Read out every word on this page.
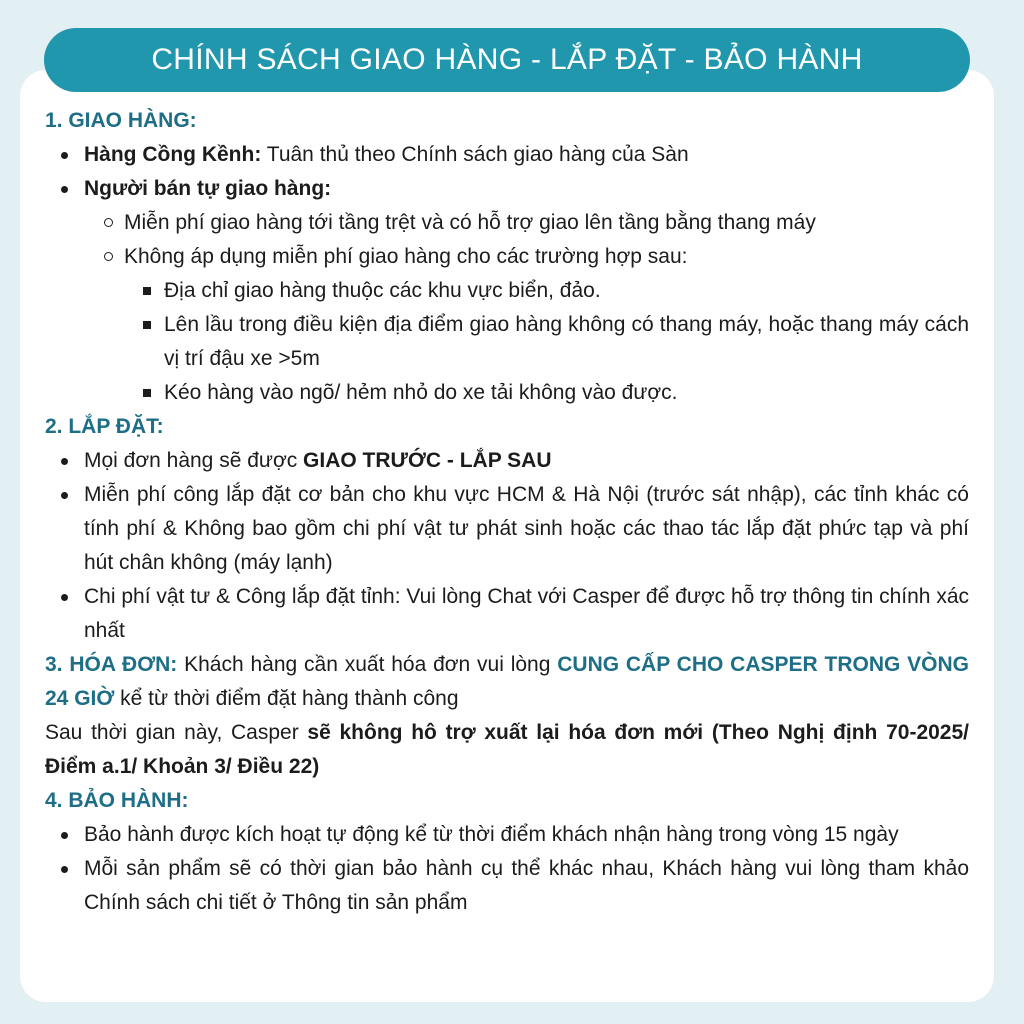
CHÍNH SÁCH GIAO HÀNG - LẮP ĐẶT - BẢO HÀNH

1. GIAO HÀNG:

Hàng Cồng Kềnh: Tuân thủ theo Chính sách giao hàng của Sàn
Người bán tự giao hàng:
Miễn phí giao hàng tới tầng trệt và có hỗ trợ giao lên tầng bằng thang máy
Không áp dụng miễn phí giao hàng cho các trường hợp sau:
Địa chỉ giao hàng thuộc các khu vực biển, đảo.
Lên lầu trong điều kiện địa điểm giao hàng không có thang máy, hoặc thang máy cách vị trí đậu xe >5m
Kéo hàng vào ngõ/ hẻm nhỏ do xe tải không vào được.

2. LẮP ĐẶT:

Mọi đơn hàng sẽ được GIAO TRƯỚC - LẮP SAU
Miễn phí công lắp đặt cơ bản cho khu vực HCM & Hà Nội (trước sát nhập), các tỉnh khác có tính phí & Không bao gồm chi phí vật tư phát sinh hoặc các thao tác lắp đặt phức tạp và phí hút chân không (máy lạnh)
Chi phí vật tư & Công lắp đặt tỉnh: Vui lòng Chat với Casper để được hỗ trợ thông tin chính xác nhất

3. HÓA ĐƠN: Khách hàng cần xuất hóa đơn vui lòng CUNG CẤP CHO CASPER TRONG VÒNG 24 GIỜ kể từ thời điểm đặt hàng thành công

Sau thời gian này, Casper sẽ không hô trợ xuất lại hóa đơn mới (Theo Nghị định 70-2025/ Điểm a.1/ Khoản 3/ Điều 22)

4. BẢO HÀNH:

Bảo hành được kích hoạt tự động kể từ thời điểm khách nhận hàng trong vòng 15 ngày
Mỗi sản phẩm sẽ có thời gian bảo hành cụ thể khác nhau, Khách hàng vui lòng tham khảo Chính sách chi tiết ở Thông tin sản phẩm
